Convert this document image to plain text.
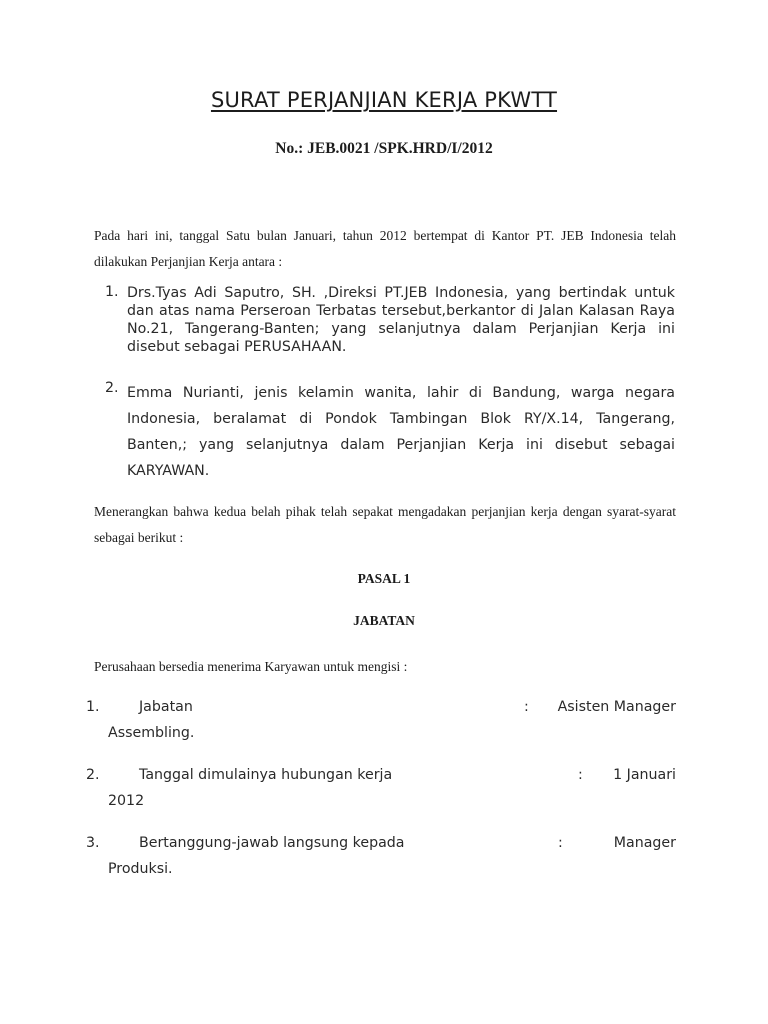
SURAT PERJANJIAN KERJA PKWTT
No.: JEB.0021 /SPK.HRD/I/2012
Pada hari ini, tanggal Satu bulan Januari, tahun 2012 bertempat di Kantor PT. JEB Indonesia telah dilakukan Perjanjian Kerja antara :
1. Drs.Tyas Adi Saputro, SH. ,Direksi PT.JEB Indonesia, yang bertindak untuk dan atas nama Perseroan Terbatas tersebut,berkantor di Jalan Kalasan Raya No.21, Tangerang-Banten; yang selanjutnya dalam Perjanjian Kerja ini disebut sebagai PERUSAHAAN.
2. Emma Nurianti, jenis kelamin wanita, lahir di Bandung, warga negara Indonesia, beralamat di Pondok Tambingan Blok RY/X.14, Tangerang, Banten,; yang selanjutnya dalam Perjanjian Kerja ini disebut sebagai KARYAWAN.
Menerangkan bahwa kedua belah pihak telah sepakat mengadakan perjanjian kerja dengan syarat-syarat sebagai berikut :
PASAL 1
JABATAN
Perusahaan bersedia menerima Karyawan untuk mengisi :
1.	Jabatan	: Asisten Manager
Assembling.
2.	Tanggal dimulainya hubungan kerja	: 1 Januari
2012
3.	Bertanggung-jawab langsung kepada	:	Manager
Produksi.
